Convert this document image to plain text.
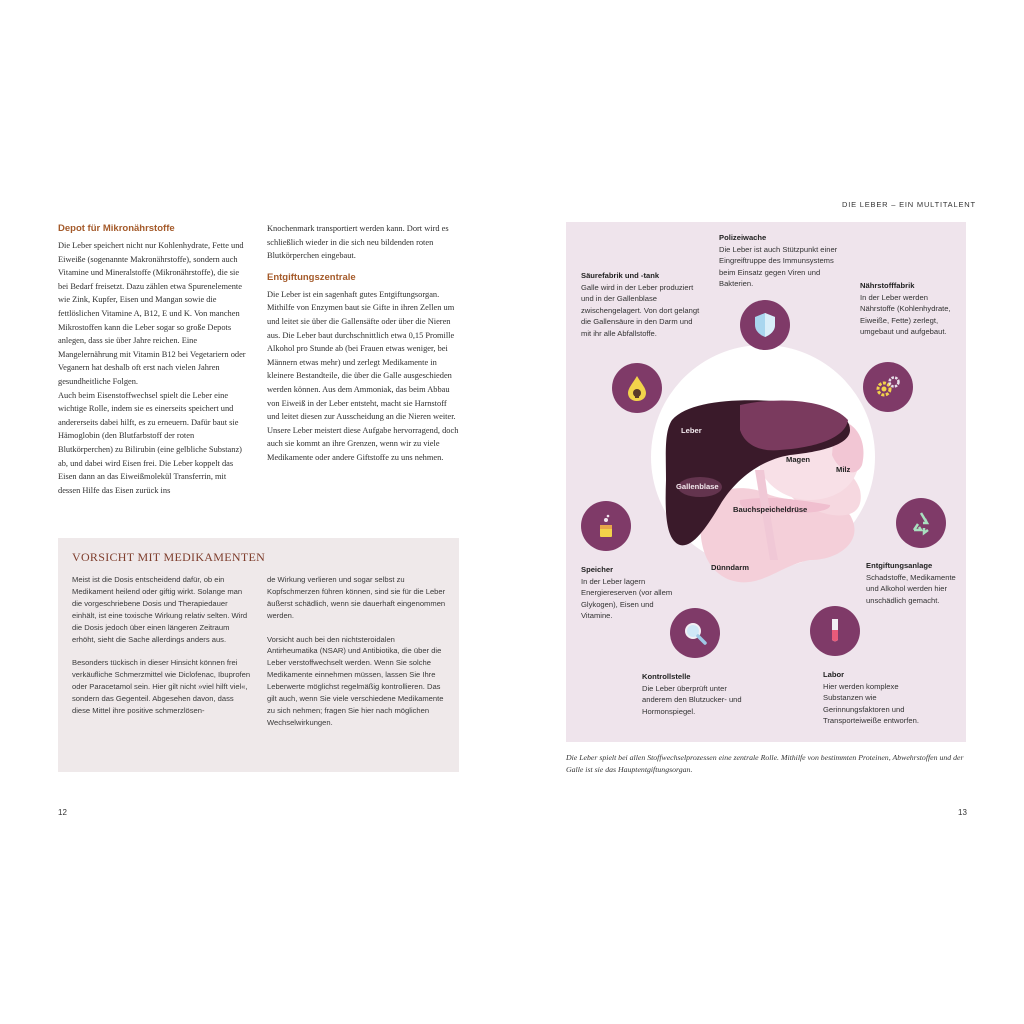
DIE LEBER – EIN MULTITALENT
Depot für Mikronährstoffe

Die Leber speichert nicht nur Kohlenhydrate, Fette und Eiweiße (sogenannte Makronährstoffe), sondern auch Vitamine und Mineralstoffe (Mikronährstoffe), die sie bei Bedarf freisetzt. Dazu zählen etwa Spurenelemente wie Zink, Kupfer, Eisen und Mangan sowie die fettlöslichen Vitamine A, B12, E und K. Von manchen Mikrostoffen kann die Leber sogar so große Depots anlegen, dass sie über Jahre reichen. Eine Mangelernährung mit Vitamin B12 bei Vegetariern oder Veganern hat deshalb oft erst nach vielen Jahren gesundheitliche Folgen.

Auch beim Eisenstoffwechsel spielt die Leber eine wichtige Rolle, indem sie es einerseits speichert und andererseits dabei hilft, es zu erneuern. Dafür baut sie Hämoglobin (den Blutfarbstoff der roten Blutkörperchen) zu Bilirubin (eine gelbliche Substanz) ab, und dabei wird Eisen frei. Die Leber koppelt das Eisen dann an das Eiweißmolekül Transferrin, mit dessen Hilfe das Eisen zurück ins

Knochenmark transportiert werden kann. Dort wird es schließlich wieder in die sich neu bildenden roten Blutkörperchen eingebaut.

Entgiftungszentrale

Die Leber ist ein sagenhaft gutes Entgiftungsorgan. Mithilfe von Enzymen baut sie Gifte in ihren Zellen um und leitet sie über die Gallensäfte oder über die Nieren aus. Die Leber baut durchschnittlich etwa 0,15 Promille Alkohol pro Stunde ab (bei Frauen etwas weniger, bei Männern etwas mehr) und zerlegt Medikamente in kleinere Bestandteile, die über die Galle ausgeschieden werden können. Aus dem Ammoniak, das beim Abbau von Eiweiß in der Leber entsteht, macht sie Harnstoff und leitet diesen zur Ausscheidung an die Nieren weiter. Unsere Leber meistert diese Aufgabe hervorragend, doch auch sie kommt an ihre Grenzen, wenn wir zu viele Medikamente oder andere Giftstoffe zu uns nehmen.

VORSICHT MIT MEDIKAMENTEN

Meist ist die Dosis entscheidend dafür, ob ein Medikament heilend oder giftig wirkt. Solange man die vorgeschriebene Dosis und Therapiedauer einhält, ist eine toxische Wirkung relativ selten. Wird die Dosis jedoch über einen längeren Zeitraum erhöht, sieht die Sache allerdings anders aus.

Besonders tückisch in dieser Hinsicht können frei verkäufliche Schmerzmittel wie Diclofenac, Ibuprofen oder Paracetamol sein. Hier gilt nicht »viel hilft viel«, sondern das Gegenteil. Abgesehen davon, dass diese Mittel ihre positive schmerzlösen-

de Wirkung verlieren und sogar selbst zu Kopfschmerzen führen können, sind sie für die Leber äußerst schädlich, wenn sie dauerhaft eingenommen werden.

Vorsicht auch bei den nichtsteroidalen Antirheumatika (NSAR) und Antibiotika, die über die Leber verstoffwechselt werden. Wenn Sie solche Medikamente einnehmen müssen, lassen Sie Ihre Leberwerte möglichst regelmäßig kontrollieren. Das gilt auch, wenn Sie viele verschiedene Medikamente zu sich nehmen; fragen Sie hier nach möglichen Wechselwirkungen.

12	13
Leber
Gallenblase
Magen
Milz
Bauchspeicheldrüse
Dünndarm
Polizeiwache
Die Leber ist auch Stützpunkt einer Eingreiftruppe des Immunsystems beim Einsatz gegen Viren und Bakterien.
Säurefabrik und -tank
Galle wird in der Leber produziert und in der Gallenblase zwischengelagert. Von dort gelangt die Gallensäure in den Darm und mit ihr alle Abfallstoffe.
Nährstofffabrik
In der Leber werden Nährstoffe (Kohlenhydrate, Eiweiße, Fette) zerlegt, umgebaut und aufgebaut.
Speicher
In der Leber lagern Energiereserven (vor allem Glykogen), Eisen und Vitamine.
Entgiftungsanlage
Schadstoffe, Medikamente und Alkohol werden hier unschädlich gemacht.
Kontrollstelle
Die Leber überprüft unter anderem den Blutzucker- und Hormonspiegel.
Labor
Hier werden komplexe Substanzen wie Gerinnungsfaktoren und Transporteiweiße entworfen.
Die Leber spielt bei allen Stoffwechselprozessen eine zentrale Rolle. Mithilfe von bestimmten Proteinen, Abwehrstoffen und der Galle ist sie das Hauptentgiftungsorgan.
